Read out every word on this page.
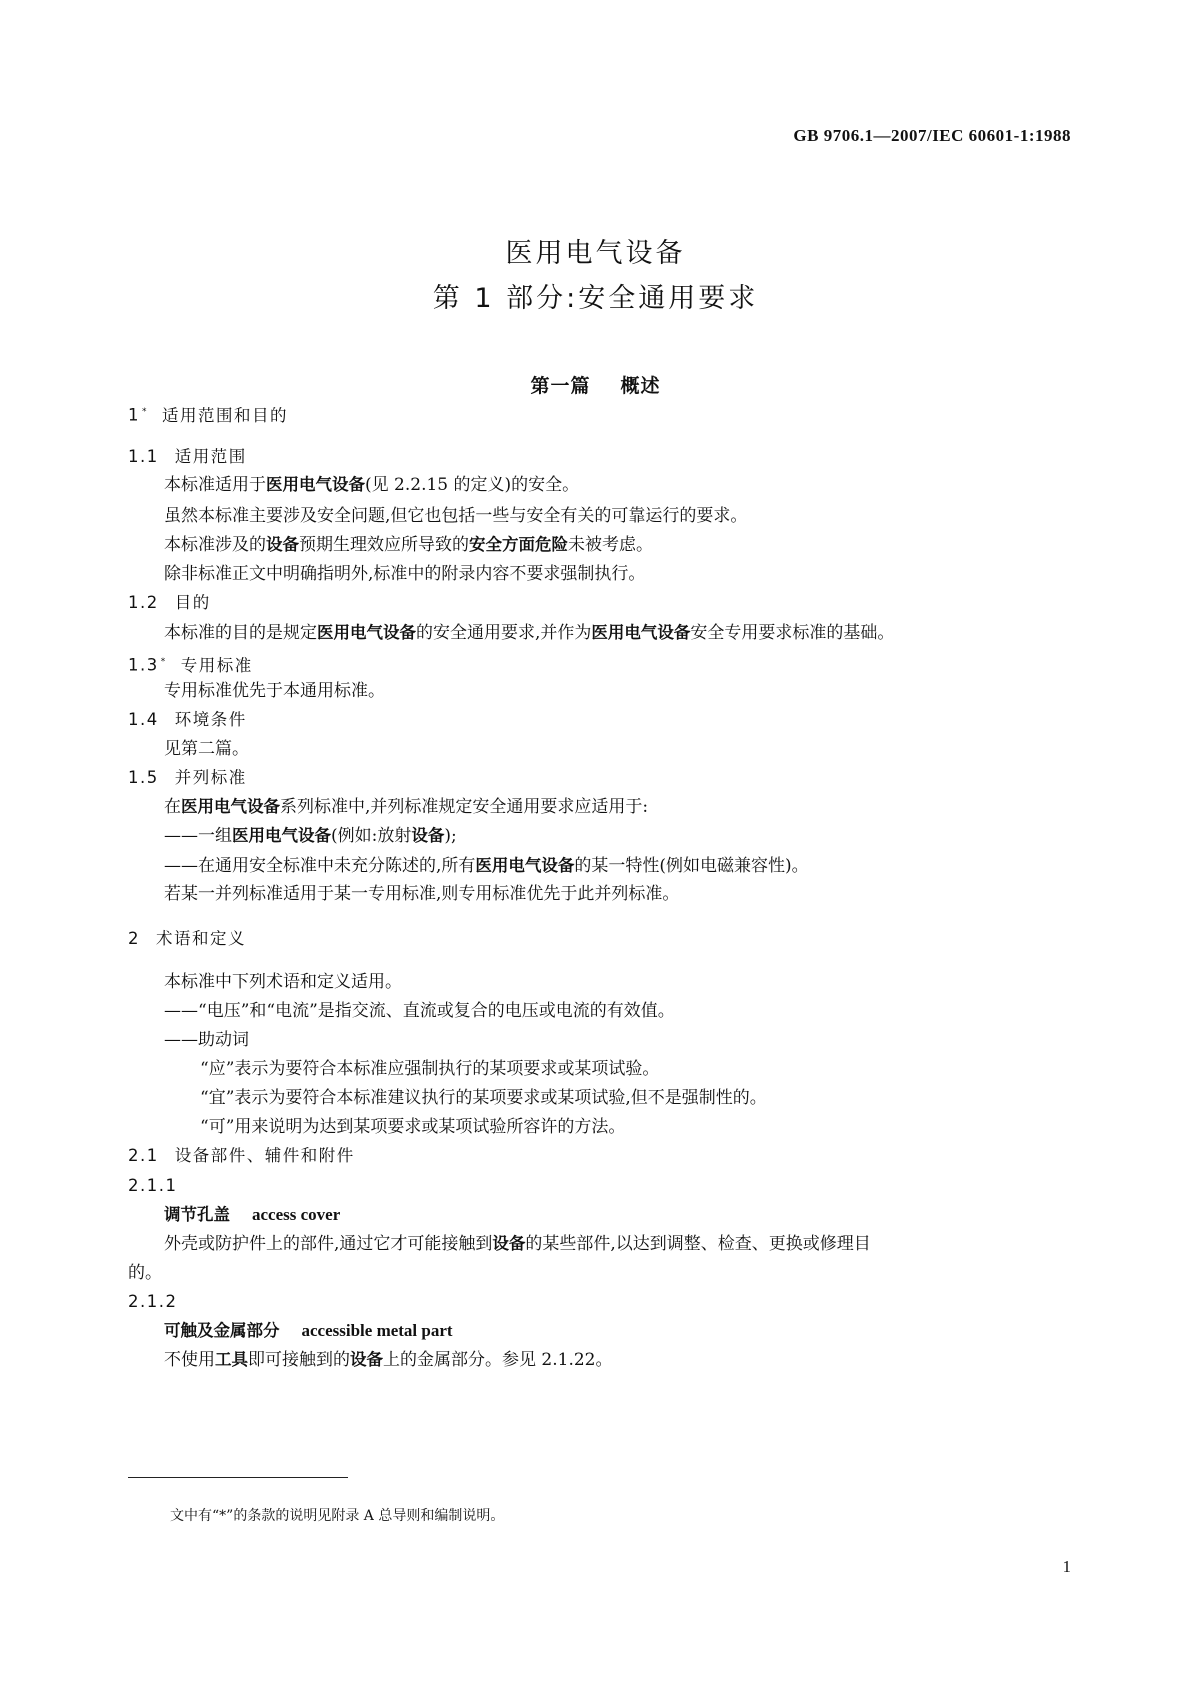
GB 9706.1—2007/IEC 60601-1:1988
医用电气设备
第 1 部分:安全通用要求
第一篇 概述
1 * 适用范围和目的
1.1 适用范围
本标准适用于医用电气设备(见 2.2.15 的定义)的安全。
虽然本标准主要涉及安全问题,但它也包括一些与安全有关的可靠运行的要求。
本标准涉及的设备预期生理效应所导致的安全方面危险未被考虑。
除非标准正文中明确指明外,标准中的附录内容不要求强制执行。
1.2 目的
本标准的目的是规定医用电气设备的安全通用要求,并作为医用电气设备安全专用要求标准的基础。
1.3 * 专用标准
专用标准优先于本通用标准。
1.4 环境条件
见第二篇。
1.5 并列标准
在医用电气设备系列标准中,并列标准规定安全通用要求应适用于:
——一组医用电气设备(例如:放射设备);
——在通用安全标准中未充分陈述的,所有医用电气设备的某一特性(例如电磁兼容性)。
若某一并列标准适用于某一专用标准,则专用标准优先于此并列标准。
2 术语和定义
本标准中下列术语和定义适用。
——“电压”和“电流”是指交流、直流或复合的电压或电流的有效值。
——助动词
“应”表示为要符合本标准应强制执行的某项要求或某项试验。
“宜”表示为要符合本标准建议执行的某项要求或某项试验,但不是强制性的。
“可”用来说明为达到某项要求或某项试验所容许的方法。
2.1 设备部件、辅件和附件
2.1.1
调节孔盖 access cover
外壳或防护件上的部件,通过它才可能接触到设备的某些部件,以达到调整、检查、更换或修理目
的。
2.1.2
可触及金属部分 accessible metal part
不使用工具即可接触到的设备上的金属部分。参见 2.1.22。
文中有“*”的条款的说明见附录 A 总导则和编制说明。
1
